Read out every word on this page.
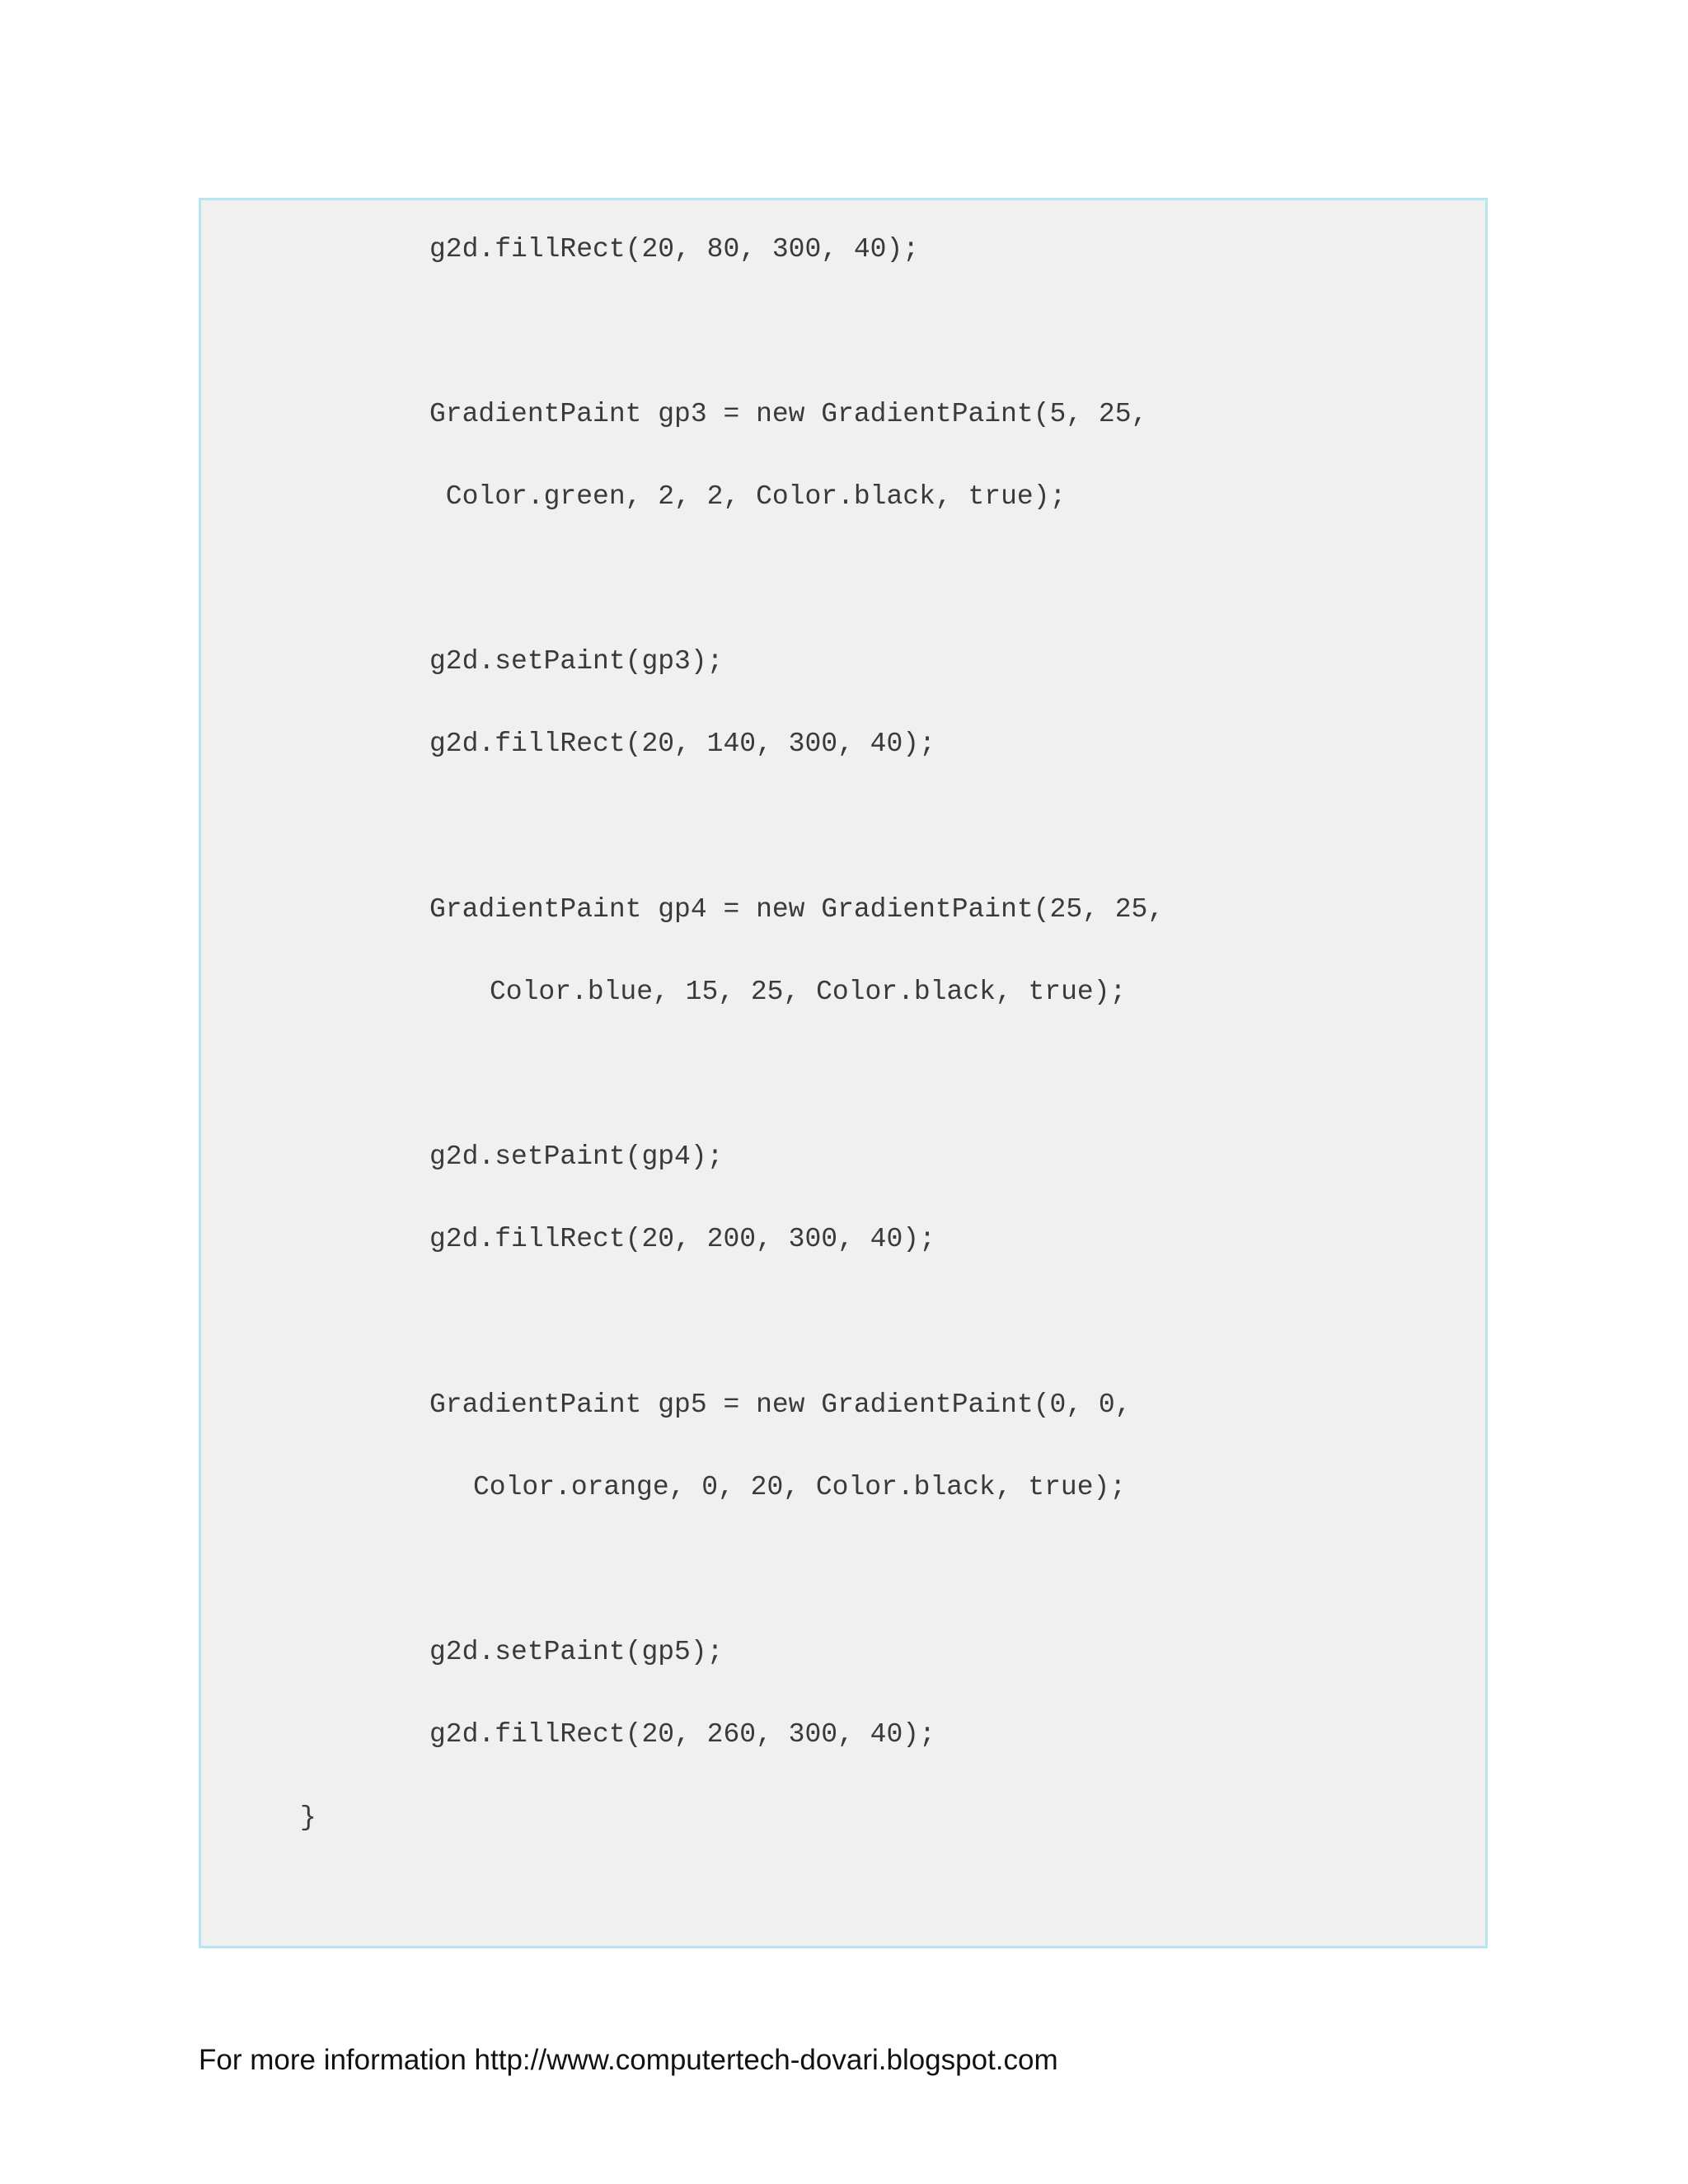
g2d.fillRect(20, 80, 300, 40);

GradientPaint gp3 = new GradientPaint(5, 25,

Color.green, 2, 2, Color.black, true);

g2d.setPaint(gp3);

g2d.fillRect(20, 140, 300, 40);

GradientPaint gp4 = new GradientPaint(25, 25,

Color.blue, 15, 25, Color.black, true);

g2d.setPaint(gp4);

g2d.fillRect(20, 200, 300, 40);

GradientPaint gp5 = new GradientPaint(0, 0,

Color.orange, 0, 20, Color.black, true);

g2d.setPaint(gp5);

g2d.fillRect(20, 260, 300, 40);

}

For more information http://www.computertech-dovari.blogspot.com
